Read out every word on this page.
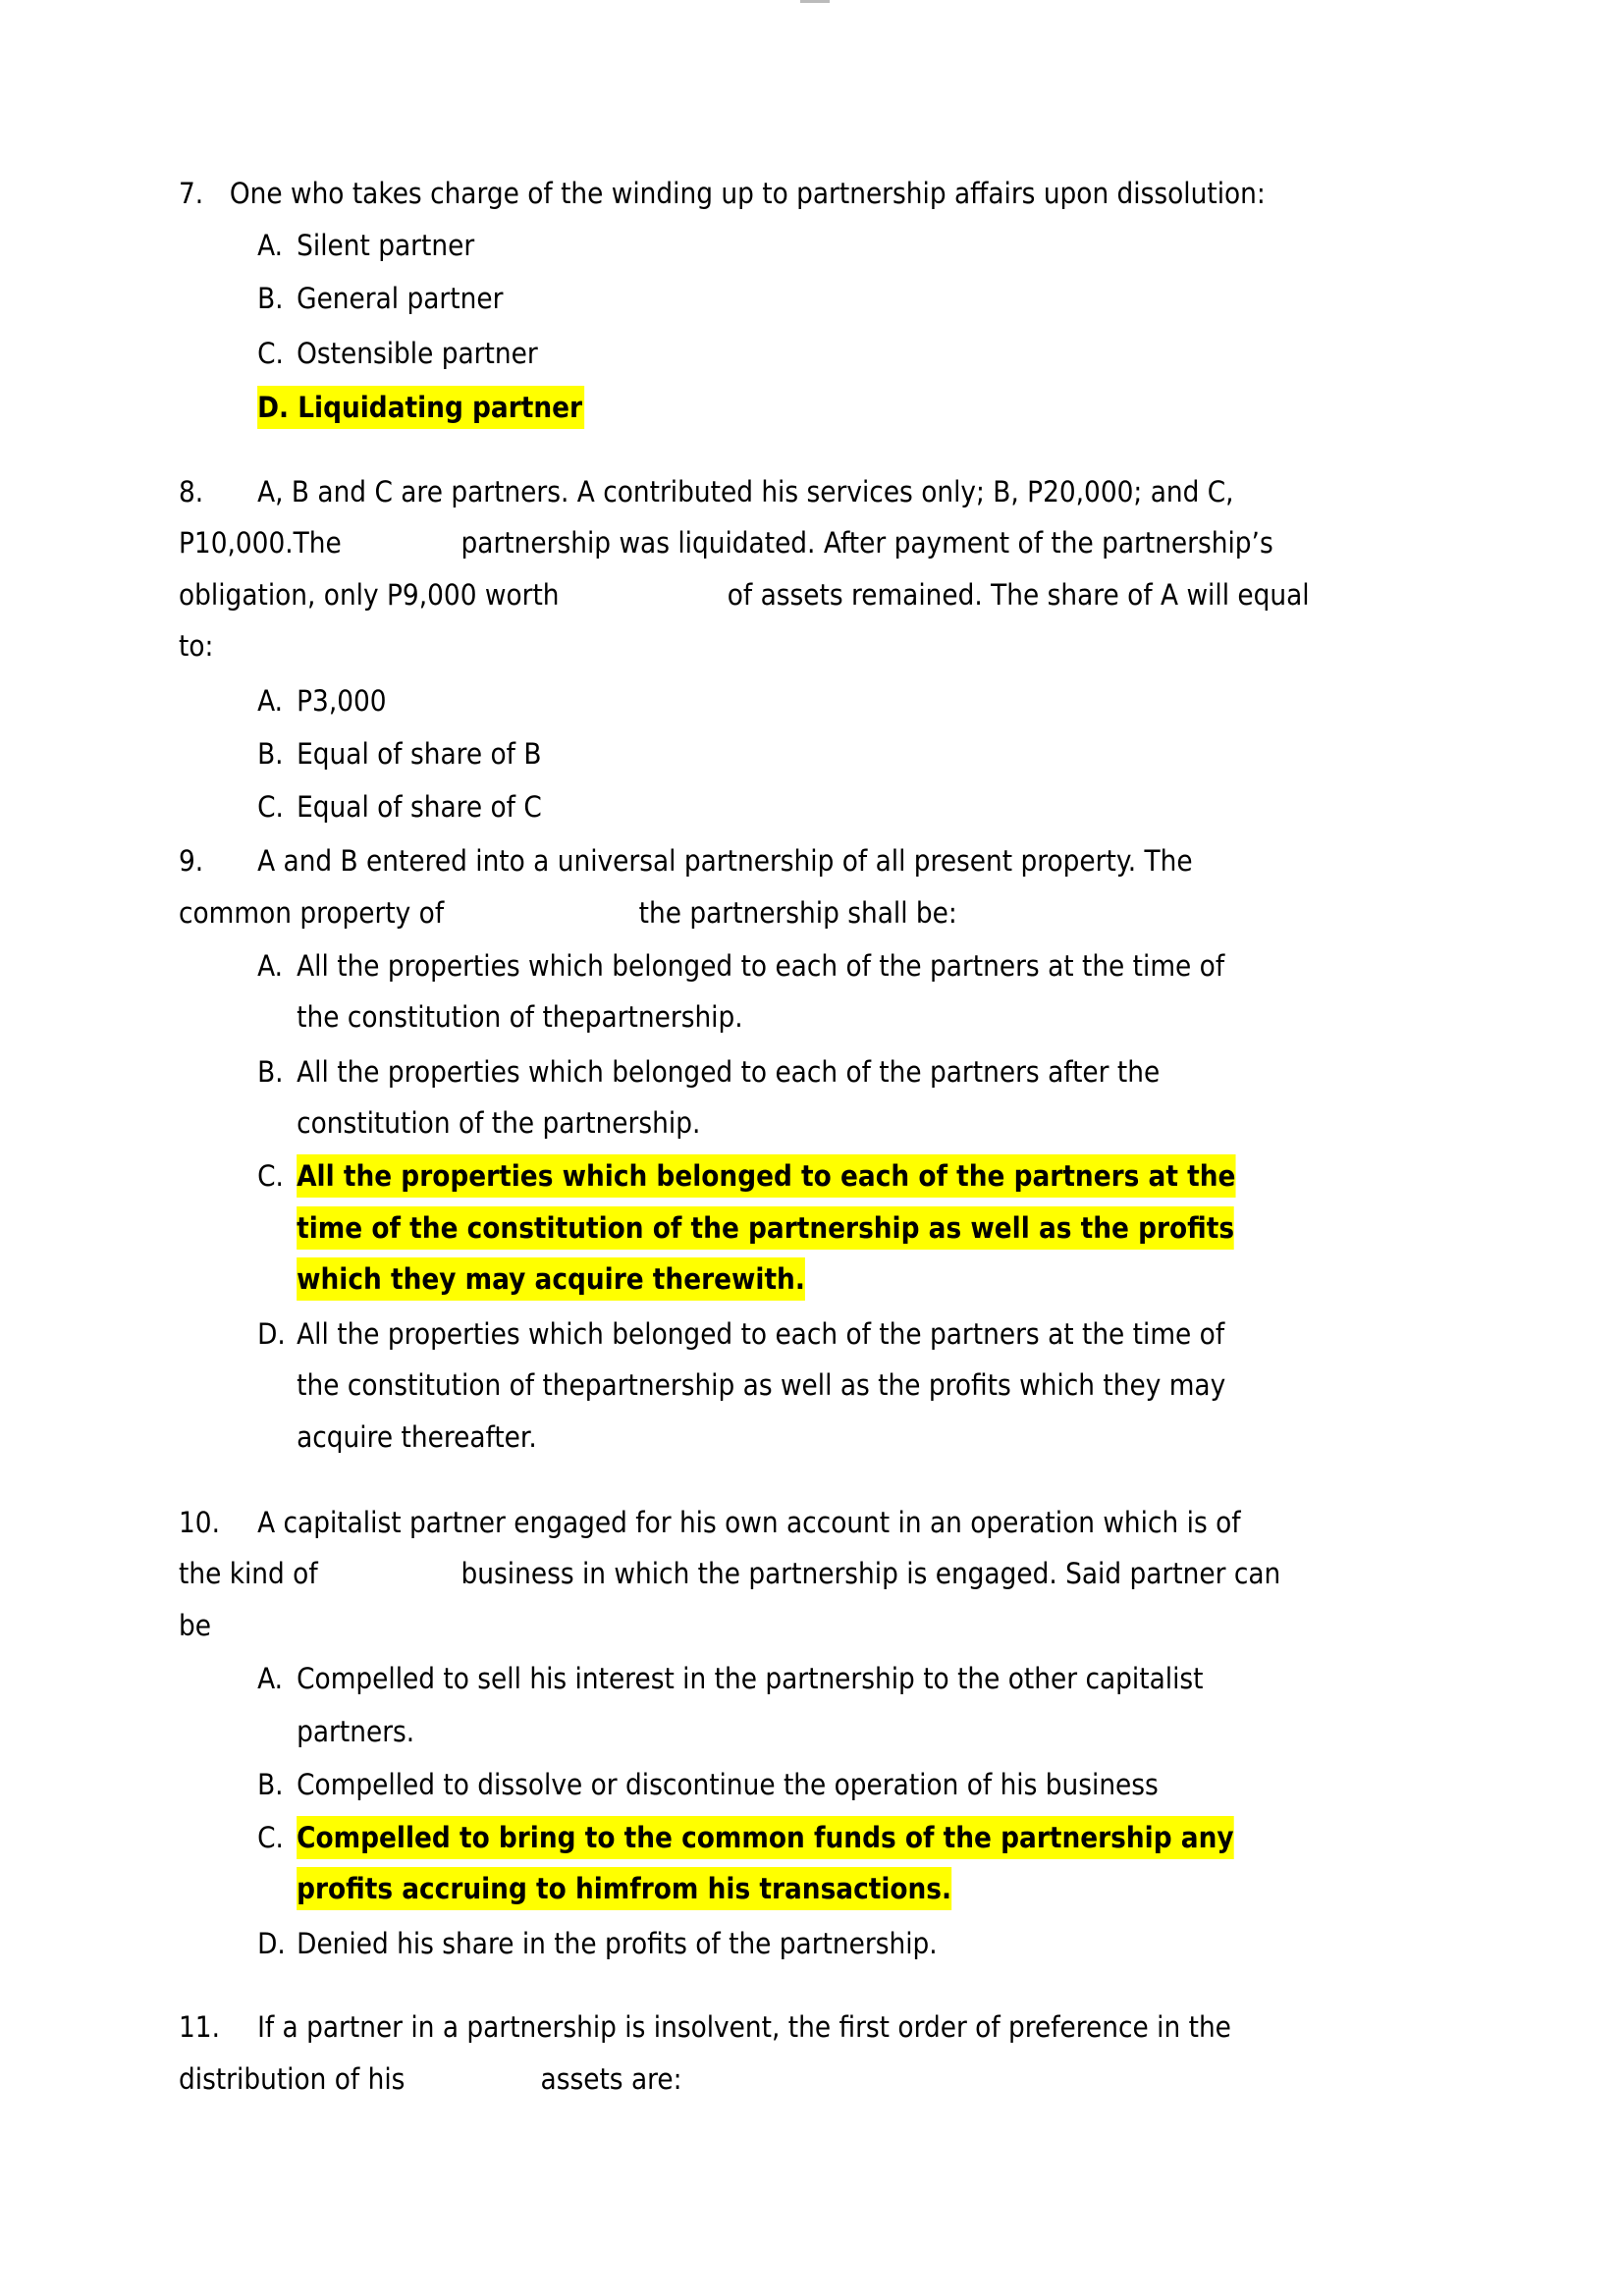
7. One who takes charge of the winding up to partnership affairs upon dissolution:
A. Silent partner
B. General partner
C. Ostensible partner
D. Liquidating partner
8. A, B and C are partners. A contributed his services only; B, P20,000; and C,
P10,000.The	partnership was liquidated. After payment of the partnership’s
obligation, only P9,000 worth	of assets remained. The share of A will equal
to:
A. P3,000
B. Equal of share of B
C. Equal of share of C
9. A and B entered into a universal partnership of all present property. The
common property of	the partnership shall be:
A. All the properties which belonged to each of the partners at the time of
the constitution of thepartnership.
B. All the properties which belonged to each of the partners after the
constitution of the partnership.
C. All the properties which belonged to each of the partners at the
time of the constitution of the partnership as well as the profits
which they may acquire therewith.
D. All the properties which belonged to each of the partners at the time of
the constitution of thepartnership as well as the profits which they may
acquire thereafter.
10. A capitalist partner engaged for his own account in an operation which is of
the kind of	business in which the partnership is engaged. Said partner can
be
A. Compelled to sell his interest in the partnership to the other capitalist
partners.
B. Compelled to dissolve or discontinue the operation of his business
C. Compelled to bring to the common funds of the partnership any
profits accruing to himfrom his transactions.
D. Denied his share in the profits of the partnership.
11. If a partner in a partnership is insolvent, the first order of preference in the
distribution of his	assets are:
